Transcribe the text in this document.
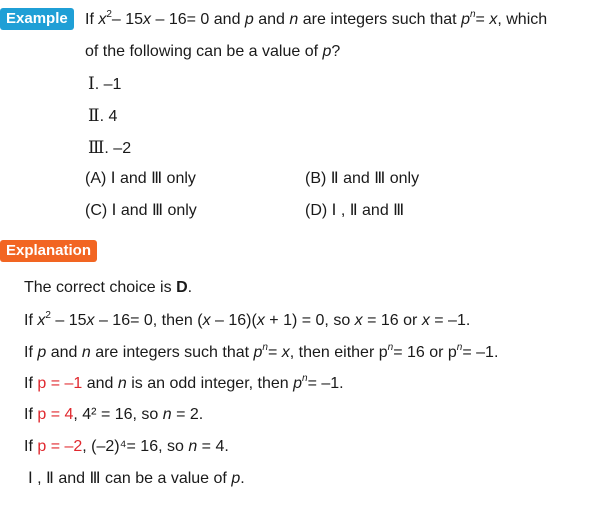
Example	If $x^2-$ 15x – 16= 0 and p and n are integers such that $p^n= x$, which
of the following can be a value of p?
Ⅰ. –1
Ⅱ. 4
Ⅲ. –2
(A) Ⅰ and Ⅲ only	(B) Ⅱ and Ⅲ only
(C) Ⅰ and Ⅲ only	(D) Ⅰ , Ⅱ and Ⅲ
Explanation
The correct choice is D.
If $x^2 - 15x - 16= 0$, then (x – 16)(x + 1) = 0, so x = 16 or x = –1.
If p and n are integers such that $p^n= x$, then either $p^n= 16$ or $p^n= -1$.
If p = –1 and n is an odd integer, then $p^n= -1$.
If p = 4, 4² = 16, so n = 2.
If p = –2, (–2)⁴= 16, so n = 4.
Ⅰ , Ⅱ and Ⅲ can be a value of p.
